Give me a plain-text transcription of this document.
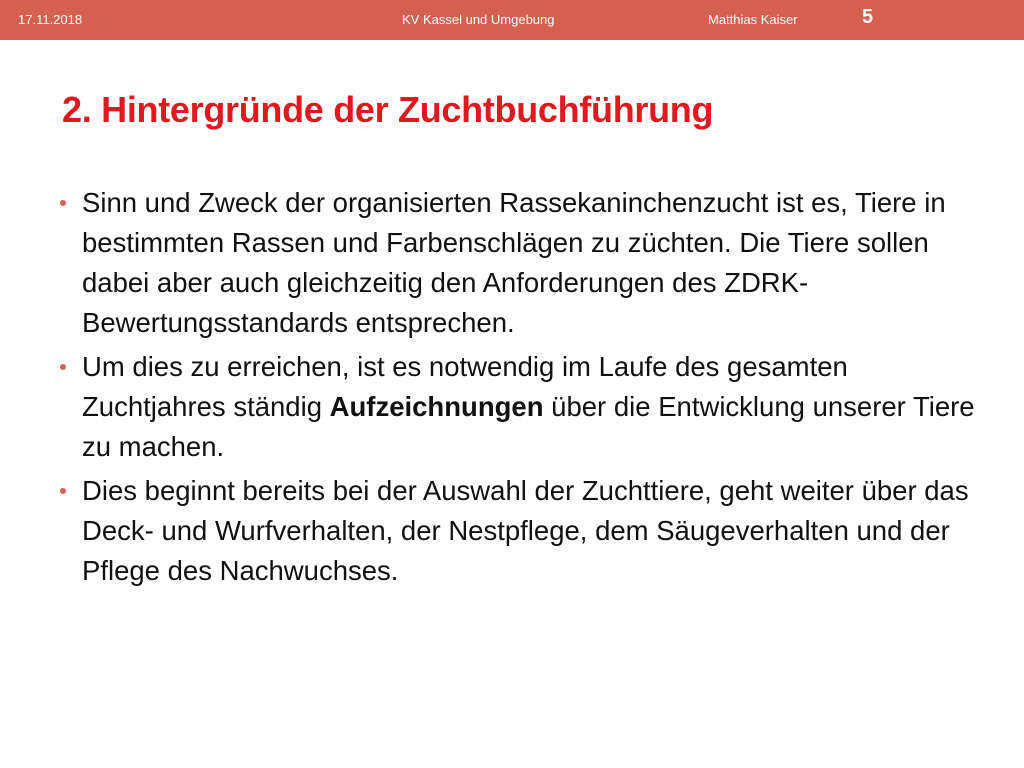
17.11.2018	KV Kassel und Umgebung	Matthias Kaiser	5
2. Hintergründe der Zuchtbuchführung
Sinn und Zweck der organisierten Rassekaninchenzucht ist es, Tiere in bestimmten Rassen und Farbenschlägen zu züchten. Die Tiere sollen dabei aber auch gleichzeitig den Anforderungen des ZDRK-Bewertungsstandards entsprechen.
Um dies zu erreichen, ist es notwendig im Laufe des gesamten Zuchtjahres ständig Aufzeichnungen über die Entwicklung unserer Tiere zu machen.
Dies beginnt bereits bei der Auswahl der Zuchttiere, geht weiter über das Deck- und Wurfverhalten, der Nestpflege, dem Säugeverhalten und der Pflege des Nachwuchses.
